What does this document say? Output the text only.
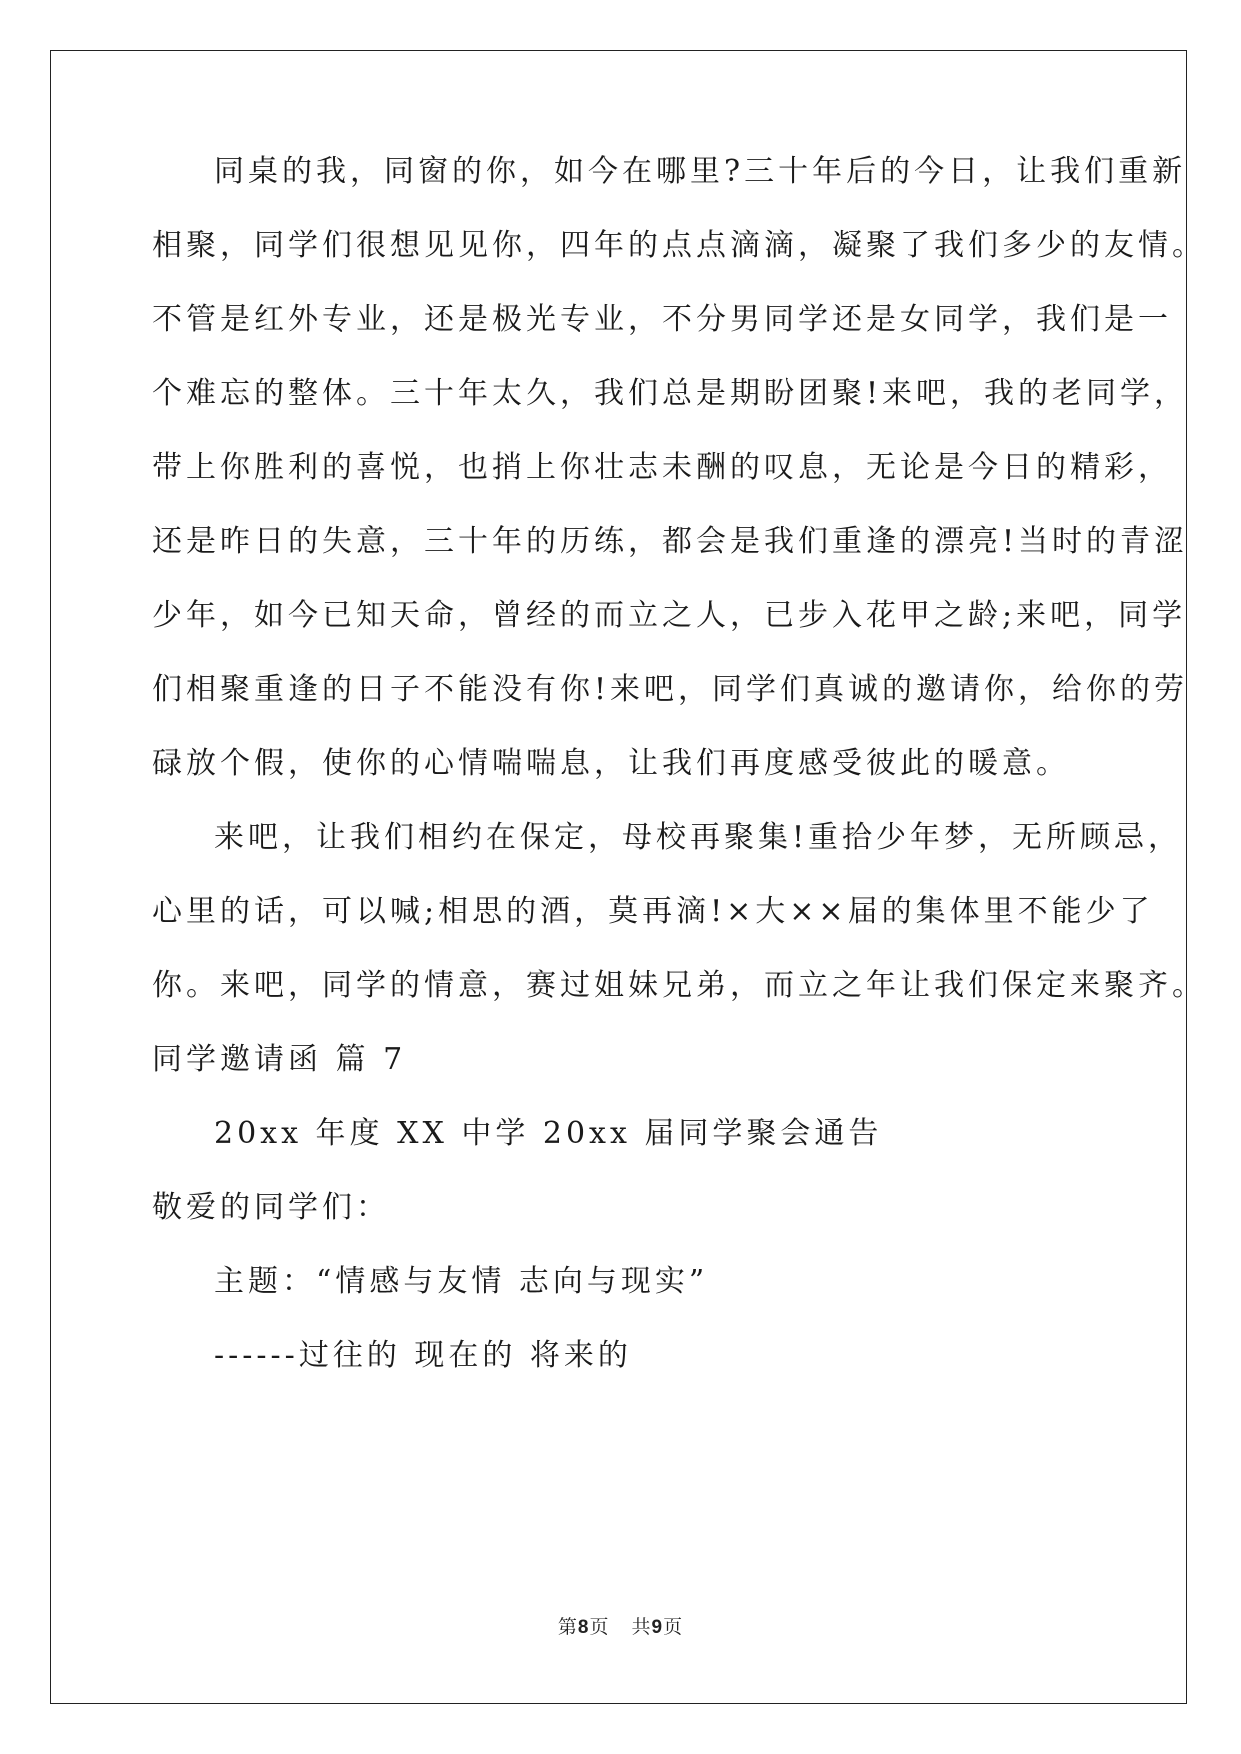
同桌的我，同窗的你，如今在哪里?三十年后的今日，让我们重新
相聚，同学们很想见见你，四年的点点滴滴，凝聚了我们多少的友情。
不管是红外专业，还是极光专业，不分男同学还是女同学，我们是一
个难忘的整体。三十年太久，我们总是期盼团聚!来吧，我的老同学，
带上你胜利的喜悦，也捎上你壮志未酬的叹息，无论是今日的精彩，
还是昨日的失意，三十年的历练，都会是我们重逢的漂亮!当时的青涩
少年，如今已知天命，曾经的而立之人，已步入花甲之龄;来吧，同学
们相聚重逢的日子不能没有你!来吧，同学们真诚的邀请你，给你的劳
碌放个假，使你的心情喘喘息，让我们再度感受彼此的暖意。
来吧，让我们相约在保定，母校再聚集!重拾少年梦，无所顾忌，
心里的话，可以喊;相思的酒，莫再滴!×大××届的集体里不能少了
你。来吧，同学的情意，赛过姐妹兄弟，而立之年让我们保定来聚齐。
同学邀请函 篇 7
20xx 年度 XX 中学 20xx 届同学聚会通告
敬爱的同学们：
主题：“情感与友情 志向与现实”
------过往的 现在的 将来的
第8页 共9页
